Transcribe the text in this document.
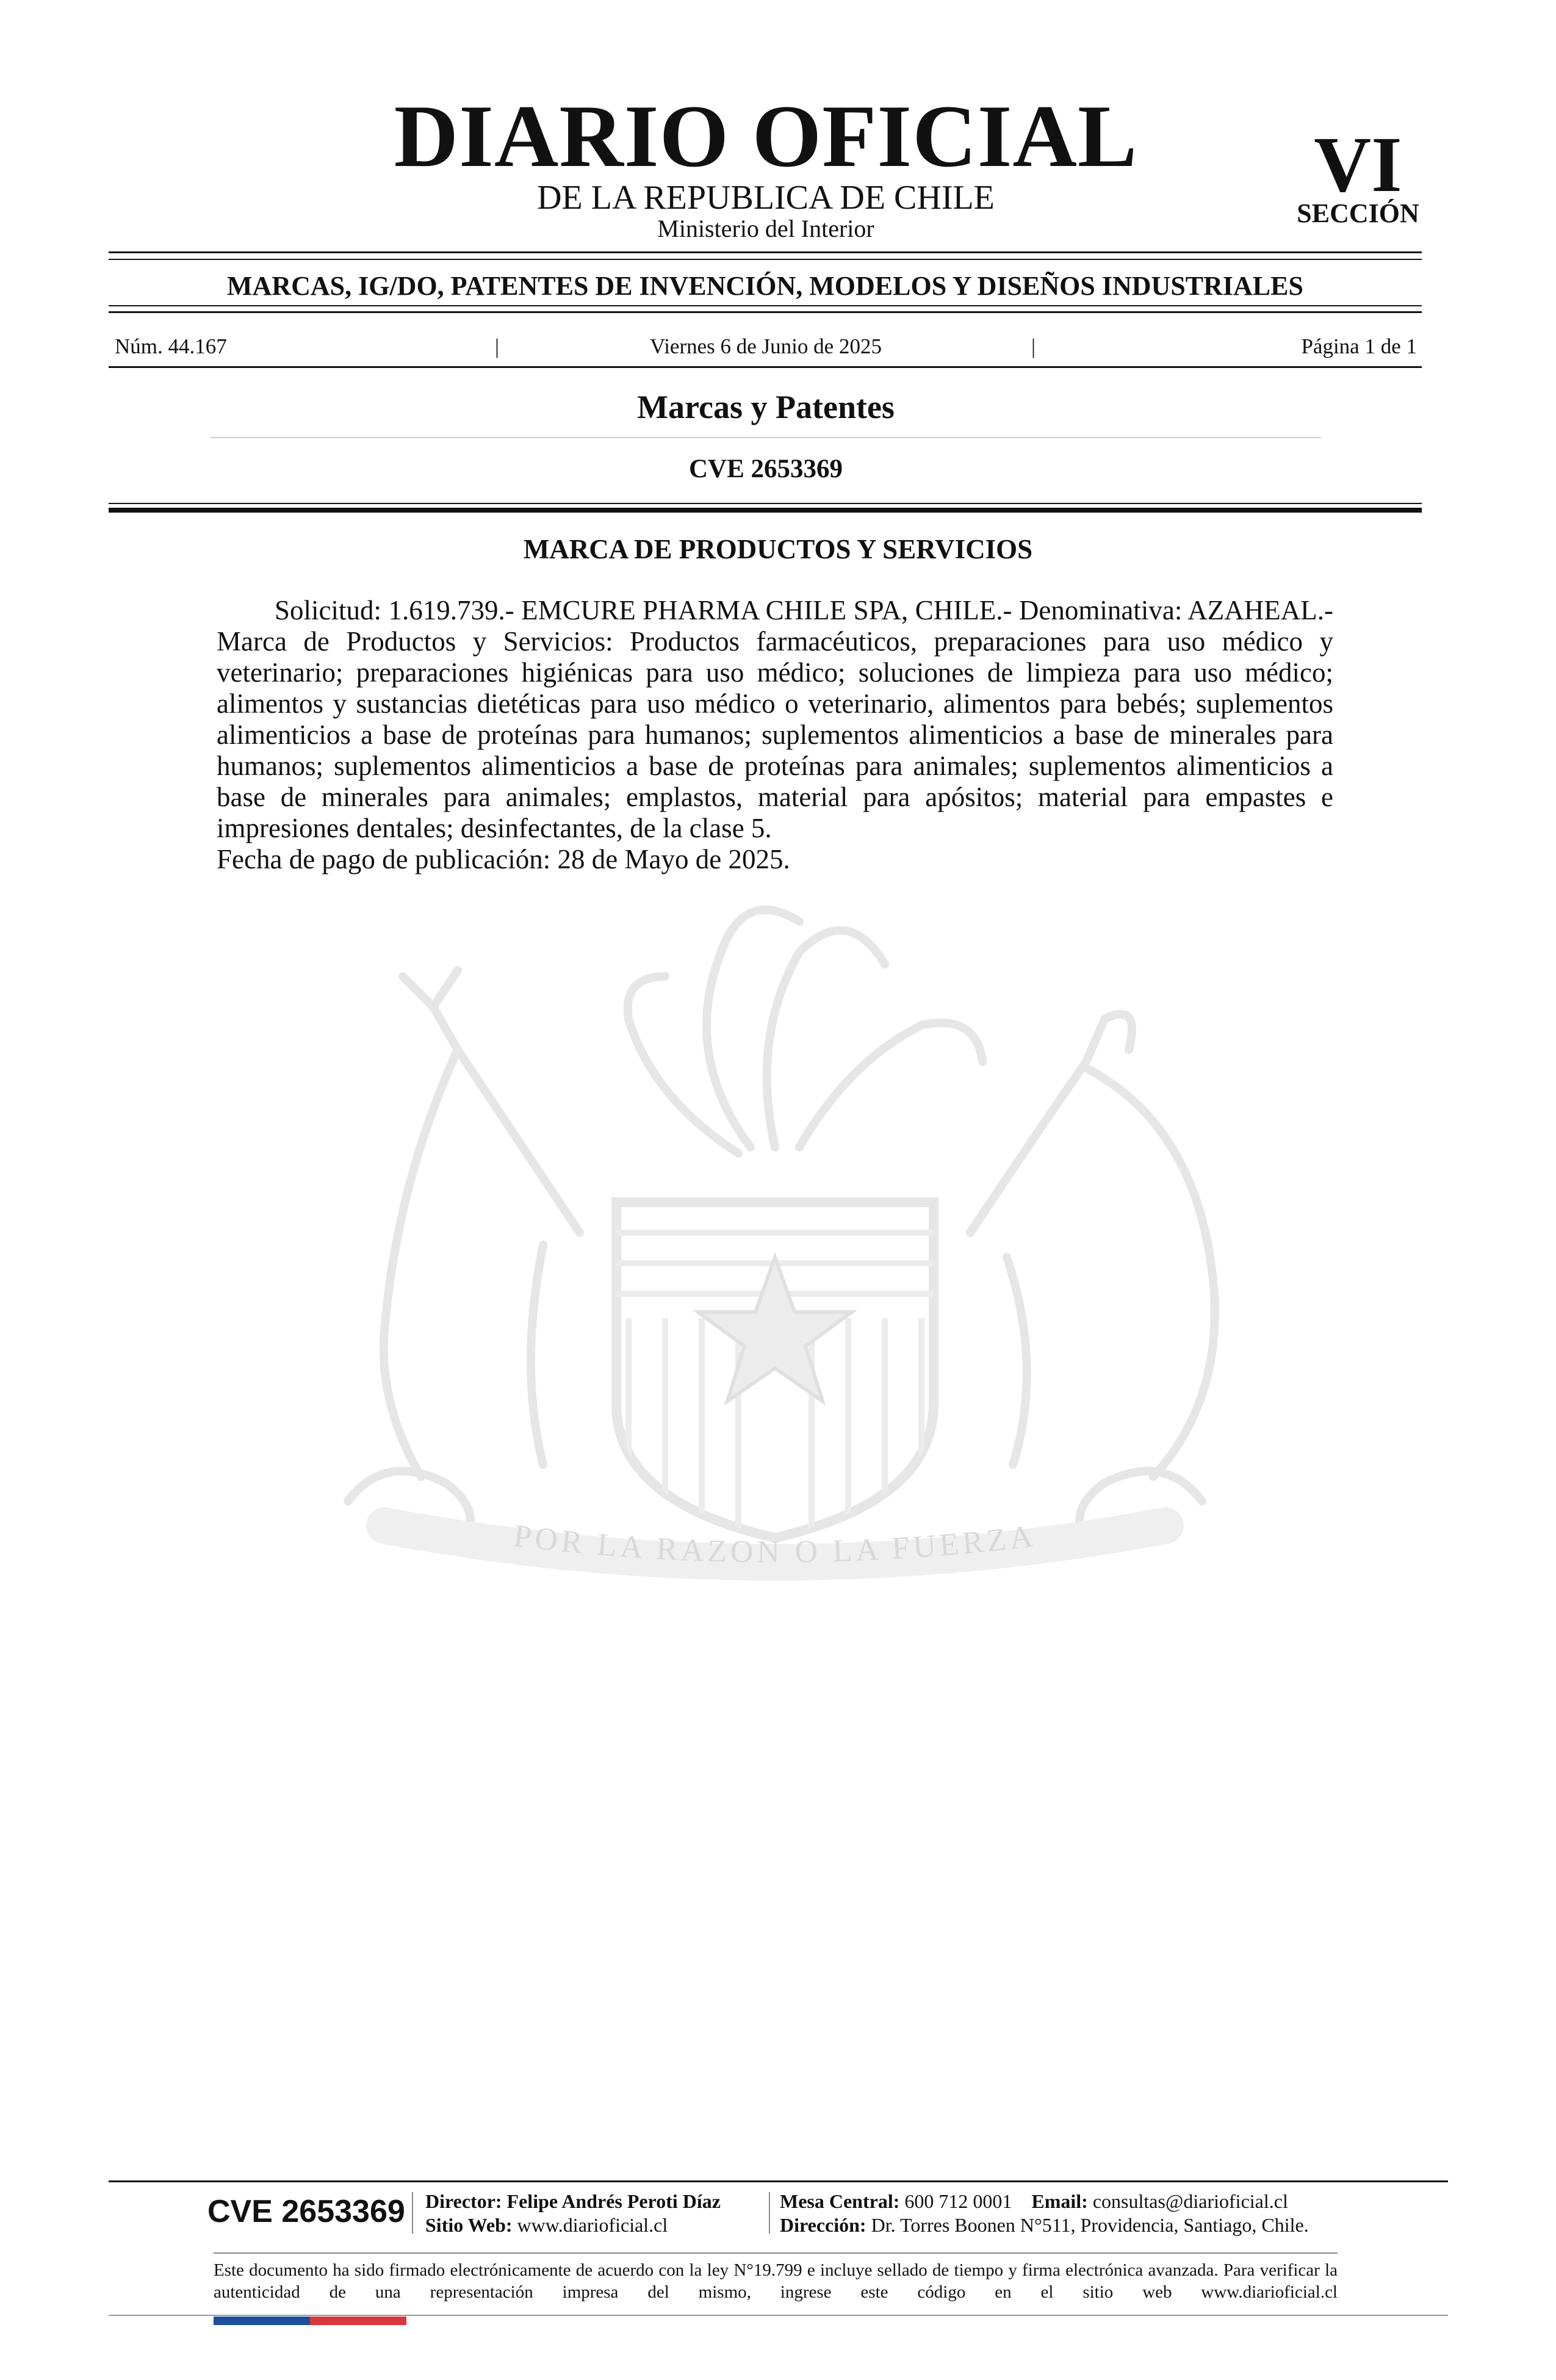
DIARIO OFICIAL
DE LA REPUBLICA DE CHILE
Ministerio del Interior
VI
SECCIÓN
MARCAS, IG/DO, PATENTES DE INVENCIÓN, MODELOS Y DISEÑOS INDUSTRIALES
Núm. 44.167	|	Viernes 6 de Junio de 2025	|	Página 1 de 1
Marcas y Patentes
CVE 2653369
MARCA DE PRODUCTOS Y SERVICIOS

Solicitud: 1.619.739.- EMCURE PHARMA CHILE SPA, CHILE.- Denominativa: AZAHEAL.- Marca de Productos y Servicios: Productos farmacéuticos, preparaciones para uso médico y veterinario; preparaciones higiénicas para uso médico; soluciones de limpieza para uso médico; alimentos y sustancias dietéticas para uso médico o veterinario, alimentos para bebés; suplementos alimenticios a base de proteínas para humanos; suplementos alimenticios a base de minerales para humanos; suplementos alimenticios a base de proteínas para animales; suplementos alimenticios a base de minerales para animales; emplastos, material para apósitos; material para empastes e impresiones dentales; desinfectantes, de la clase 5.

Fecha de pago de publicación: 28 de Mayo de 2025.
POR LA RAZON O LA FUERZA
CVE 2653369 Director: Felipe Andrés Peroti Díaz
Sitio Web: www.diarioficial.cl
Mesa Central: 600 712 0001 Email: consultas@diarioficial.cl
Dirección: Dr. Torres Boonen N°511, Providencia, Santiago, Chile.
Este documento ha sido firmado electrónicamente de acuerdo con la ley N°19.799 e incluye sellado de tiempo y firma electrónica avanzada. Para verificar la autenticidad de una representación impresa del mismo, ingrese este código en el sitio web www.diarioficial.cl
